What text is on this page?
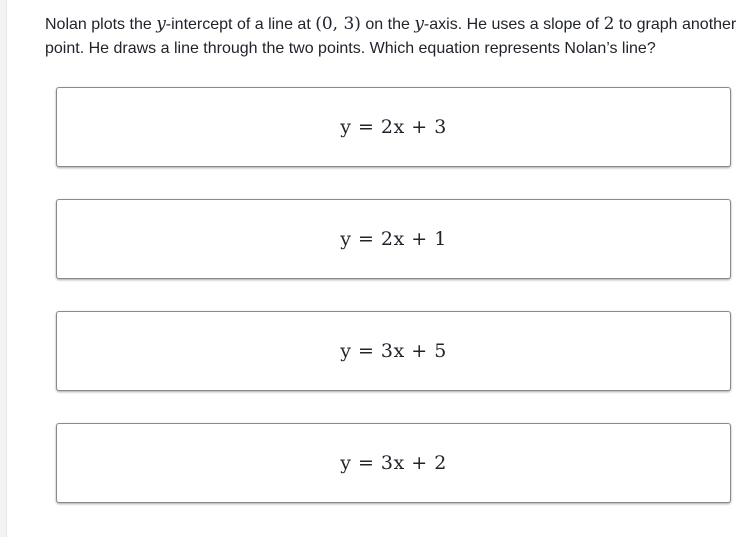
Nolan plots the y-intercept of a line at (0, 3) on the y-axis. He uses a slope of 2 to graph another point. He draws a line through the two points. Which equation represents Nolan’s line?
y = 2x + 3
y = 2x + 1
y = 3x + 5
y = 3x + 2
